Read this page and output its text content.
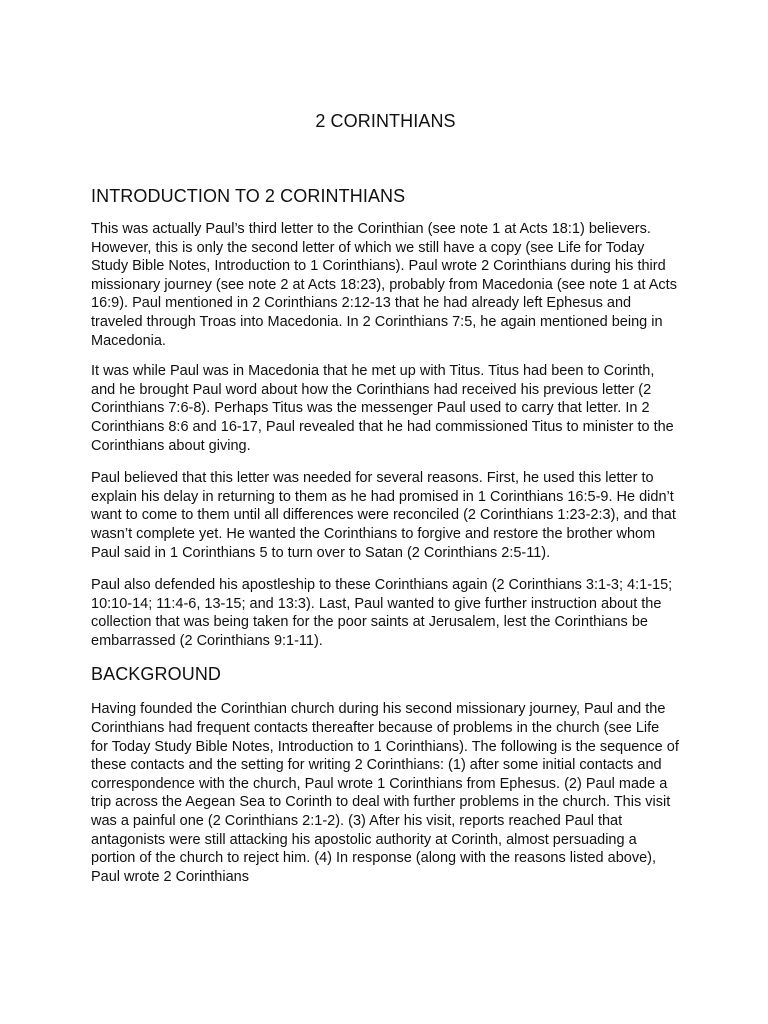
2 CORINTHIANS
INTRODUCTION TO 2 CORINTHIANS

This was actually Paul’s third letter to the Corinthian (see note 1 at Acts 18:1) believers. However, this is only the second letter of which we still have a copy (see Life for Today Study Bible Notes, Introduction to 1 Corinthians). Paul wrote 2 Corinthians during his third missionary journey (see note 2 at Acts 18:23), probably from Macedonia (see note 1 at Acts 16:9). Paul mentioned in 2 Corinthians 2:12-13 that he had already left Ephesus and traveled through Troas into Macedonia. In 2 Corinthians 7:5, he again mentioned being in Macedonia.

It was while Paul was in Macedonia that he met up with Titus. Titus had been to Corinth, and he brought Paul word about how the Corinthians had received his previous letter (2 Corinthians 7:6-8). Perhaps Titus was the messenger Paul used to carry that letter. In 2 Corinthians 8:6 and 16-17, Paul revealed that he had commissioned Titus to minister to the Corinthians about giving.

Paul believed that this letter was needed for several reasons. First, he used this letter to explain his delay in returning to them as he had promised in 1 Corinthians 16:5-9. He didn’t want to come to them until all differences were reconciled (2 Corinthians 1:23-2:3), and that wasn’t complete yet. He wanted the Corinthians to forgive and restore the brother whom Paul said in 1 Corinthians 5 to turn over to Satan (2 Corinthians 2:5-11).

Paul also defended his apostleship to these Corinthians again (2 Corinthians 3:1-3; 4:1-15; 10:10-14; 11:4-6, 13-15; and 13:3). Last, Paul wanted to give further instruction about the collection that was being taken for the poor saints at Jerusalem, lest the Corinthians be embarrassed (2 Corinthians 9:1-11).

BACKGROUND

Having founded the Corinthian church during his second missionary journey, Paul and the Corinthians had frequent contacts thereafter because of problems in the church (see Life for Today Study Bible Notes, Introduction to 1 Corinthians). The following is the sequence of these contacts and the setting for writing 2 Corinthians: (1) after some initial contacts and correspondence with the church, Paul wrote 1 Corinthians from Ephesus. (2) Paul made a trip across the Aegean Sea to Corinth to deal with further problems in the church. This visit was a painful one (2 Corinthians 2:1-2). (3) After his visit, reports reached Paul that antagonists were still attacking his apostolic authority at Corinth, almost persuading a portion of the church to reject him. (4) In response (along with the reasons listed above), Paul wrote 2 Corinthians
